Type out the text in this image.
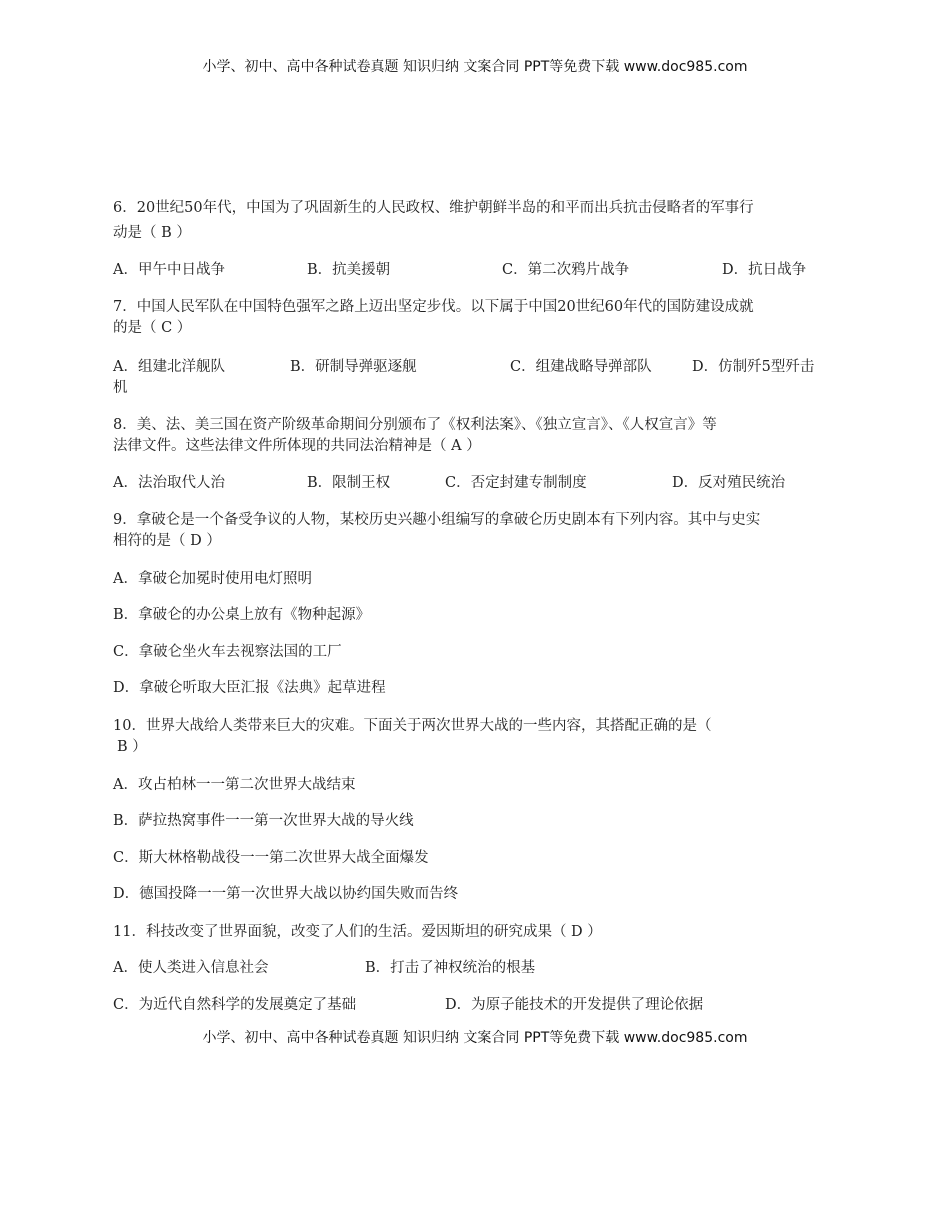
小学、初中、高中各种试卷真题 知识归纳 文案合同 PPT等免费下载 www.doc985.com
6．20世纪50年代，中国为了巩固新生的人民政权、维护朝鲜半岛的和平而出兵抗击侵略者的军事行
动是（ B ）
A．甲午中日战争	B．抗美援朝	C．第二次鸦片战争	D．抗日战争
7．中国人民军队在中国特色强军之路上迈出坚定步伐。以下属于中国20世纪60年代的国防建设成就
的是（ C ）
A．组建北洋舰队	B．研制导弹驱逐舰	C．组建战略导弹部队	D．仿制歼5型歼击
机
8．美、法、美三国在资产阶级革命期间分别颁布了《权利法案》、《独立宣言》、《人权宣言》等
法律文件。这些法律文件所体现的共同法治精神是（ A ）
A．法治取代人治	B．限制王权	C．否定封建专制制度	D．反对殖民统治
9．拿破仑是一个备受争议的人物，某校历史兴趣小组编写的拿破仑历史剧本有下列内容。其中与史实
相符的是（ D ）
A．拿破仑加冕时使用电灯照明
B．拿破仑的办公桌上放有《物种起源》
C．拿破仑坐火车去视察法国的工厂
D．拿破仑听取大臣汇报《法典》起草进程
10．世界大战给人类带来巨大的灾难。下面关于两次世界大战的一些内容，其搭配正确的是（
B ）
A．攻占柏林一一第二次世界大战结束
B．萨拉热窝事件一一第一次世界大战的导火线
C．斯大林格勒战役一一第二次世界大战全面爆发
D．德国投降一一第一次世界大战以协约国失败而告终
11．科技改变了世界面貌，改变了人们的生活。爱因斯坦的研究成果（ D ）
A．使人类进入信息社会	B．打击了神权统治的根基
C．为近代自然科学的发展奠定了基础	D．为原子能技术的开发提供了理论依据
小学、初中、高中各种试卷真题 知识归纳 文案合同 PPT等免费下载 www.doc985.com
